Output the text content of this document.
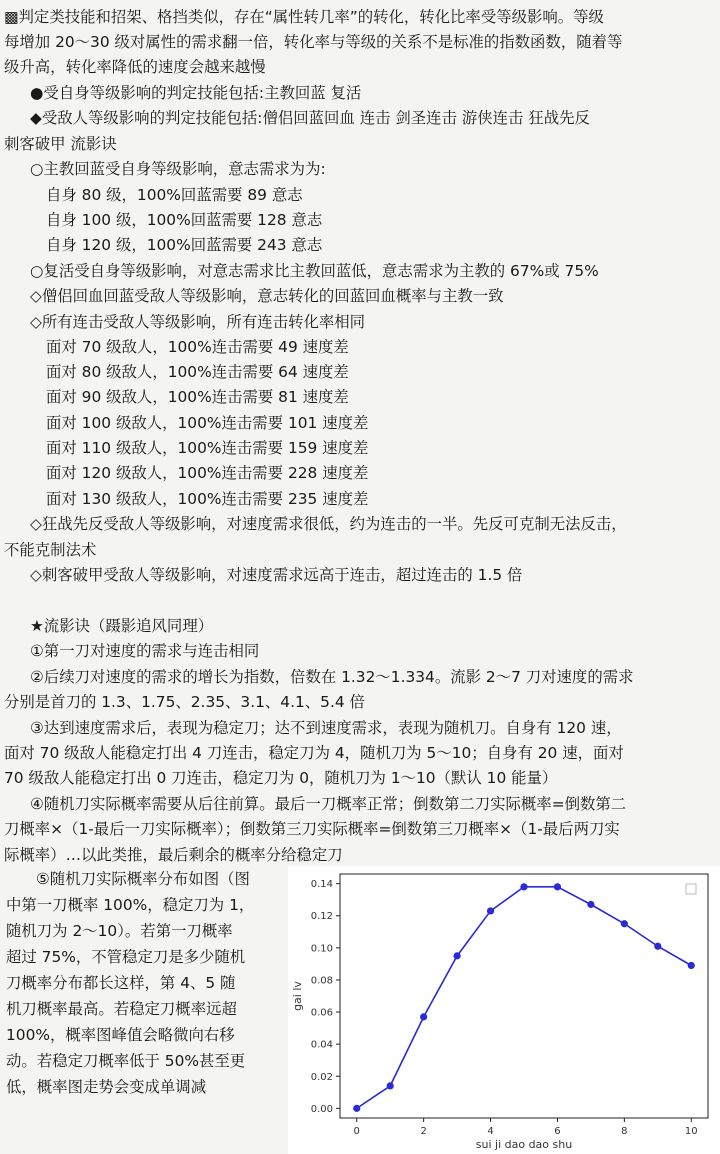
▩判定类技能和招架、格挡类似，存在“属性转几率”的转化，转化比率受等级影响。等级
每增加 20～30 级对属性的需求翻一倍，转化率与等级的关系不是标准的指数函数，随着等
级升高，转化率降低的速度会越来越慢
●受自身等级影响的判定技能包括:主教回蓝 复活
◆受敌人等级影响的判定技能包括:僧侣回蓝回血 连击 剑圣连击 游侠连击 狂战先反
刺客破甲 流影诀
○主教回蓝受自身等级影响，意志需求为为:
自身 80 级，100%回蓝需要 89 意志
自身 100 级，100%回蓝需要 128 意志
自身 120 级，100%回蓝需要 243 意志
○复活受自身等级影响，对意志需求比主教回蓝低，意志需求为主教的 67%或 75%
◇僧侣回血回蓝受敌人等级影响，意志转化的回蓝回血概率与主教一致
◇所有连击受敌人等级影响，所有连击转化率相同
面对 70 级敌人，100%连击需要 49 速度差
面对 80 级敌人，100%连击需要 64 速度差
面对 90 级敌人，100%连击需要 81 速度差
面对 100 级敌人，100%连击需要 101 速度差
面对 110 级敌人，100%连击需要 159 速度差
面对 120 级敌人，100%连击需要 228 速度差
面对 130 级敌人，100%连击需要 235 速度差
◇狂战先反受敌人等级影响，对速度需求很低，约为连击的一半。先反可克制无法反击，
不能克制法术
◇刺客破甲受敌人等级影响，对速度需求远高于连击，超过连击的 1.5 倍
★流影诀（蹑影追风同理）
①第一刀对速度的需求与连击相同
②后续刀对速度的需求的增长为指数，倍数在 1.32～1.334。流影 2～7 刀对速度的需求
分别是首刀的 1.3、1.75、2.35、3.1、4.1、5.4 倍
③达到速度需求后，表现为稳定刀；达不到速度需求，表现为随机刀。自身有 120 速，
面对 70 级敌人能稳定打出 4 刀连击，稳定刀为 4，随机刀为 5～10；自身有 20 速，面对
70 级敌人能稳定打出 0 刀连击，稳定刀为 0，随机刀为 1～10（默认 10 能量）
④随机刀实际概率需要从后往前算。最后一刀概率正常；倒数第二刀实际概率=倒数第二
刀概率×（1-最后一刀实际概率）；倒数第三刀实际概率=倒数第三刀概率×（1-最后两刀实
际概率）…以此类推，最后剩余的概率分给稳定刀
⑤随机刀实际概率分布如图（图
中第一刀概率 100%，稳定刀为 1，
随机刀为 2～10）。若第一刀概率
超过 75%，不管稳定刀是多少随机
刀概率分布都长这样，第 4、5 随
机刀概率最高。若稳定刀概率远超
100%，概率图峰值会略微向右移
动。若稳定刀概率低于 50%甚至更
低，概率图走势会变成单调减
0	2	4	6	8	10
0.00
0.02
0.04
0.06
0.08
0.10
0.12
0.14
sui ji dao dao shu
gai lv
